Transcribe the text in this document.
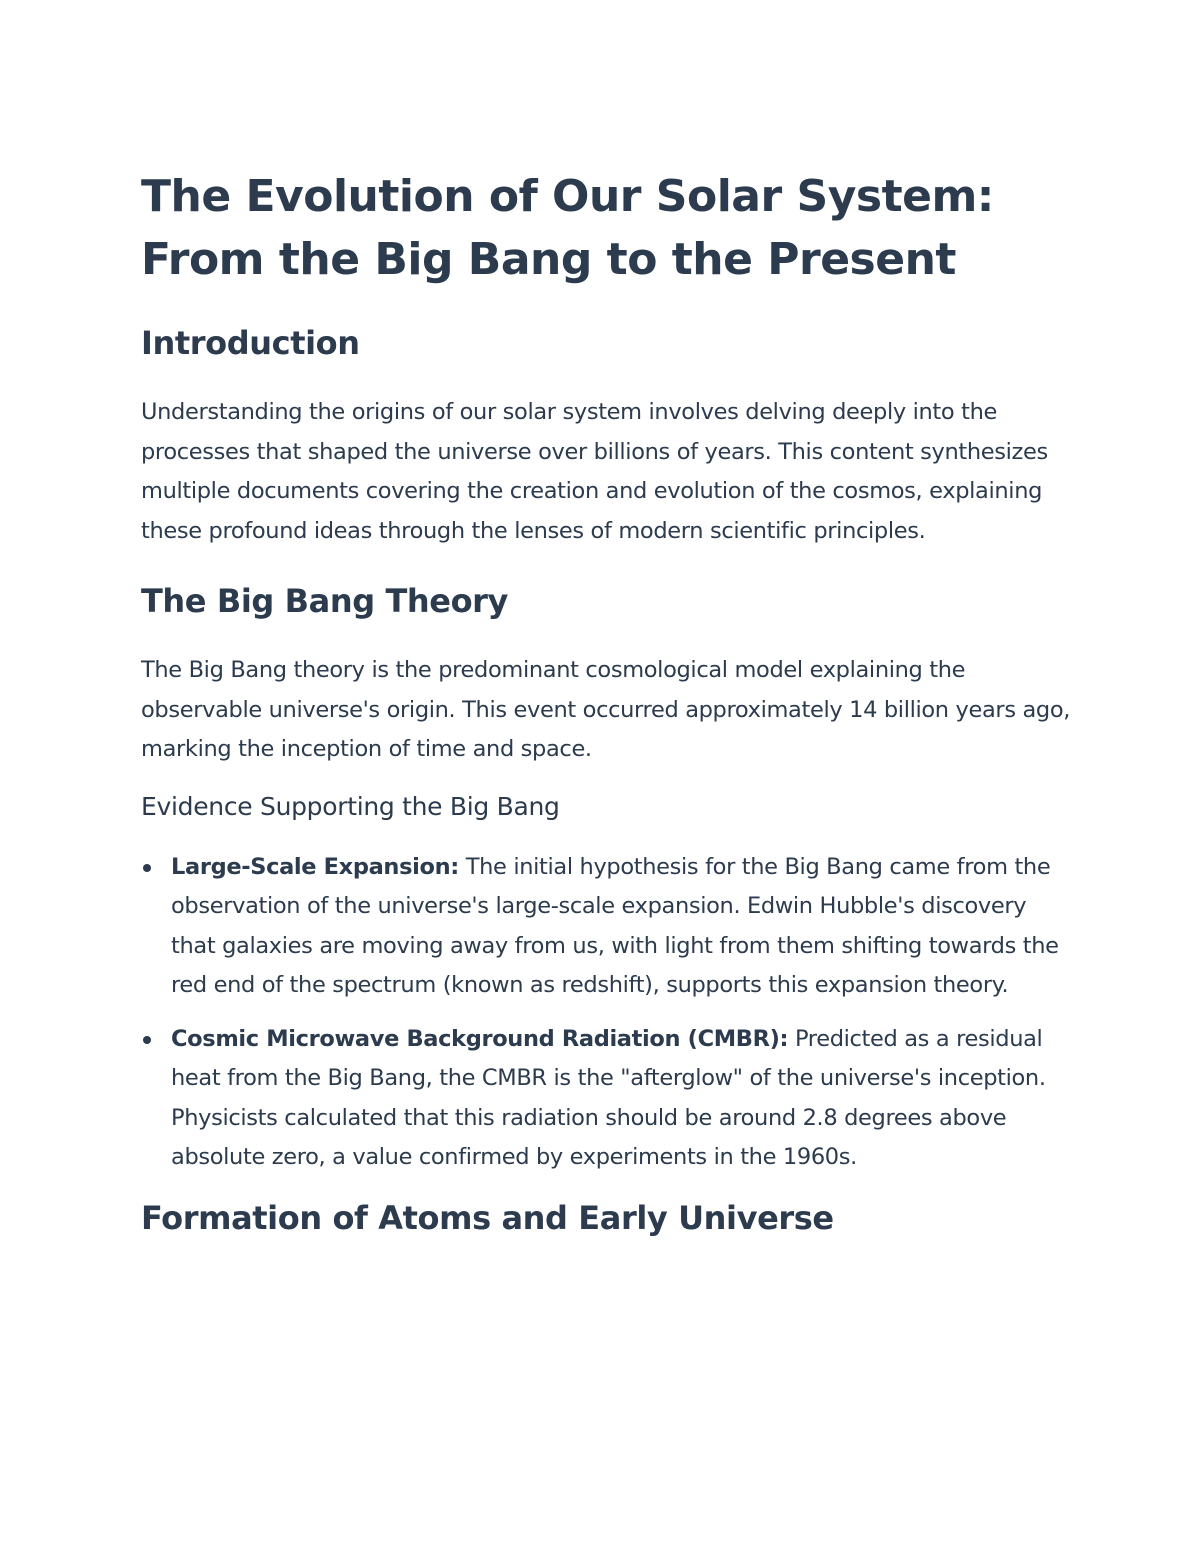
The Evolution of Our Solar System: From the Big Bang to the Present
Introduction

Understanding the origins of our solar system involves delving deeply into the processes that shaped the universe over billions of years. This content synthesizes multiple documents covering the creation and evolution of the cosmos, explaining these profound ideas through the lenses of modern scientific principles.

The Big Bang Theory

The Big Bang theory is the predominant cosmological model explaining the observable universe's origin. This event occurred approximately 14 billion years ago, marking the inception of time and space.

Evidence Supporting the Big Bang
Large-Scale Expansion: The initial hypothesis for the Big Bang came from the observation of the universe's large-scale expansion. Edwin Hubble's discovery that galaxies are moving away from us, with light from them shifting towards the red end of the spectrum (known as redshift), supports this expansion theory.
Cosmic Microwave Background Radiation (CMBR): Predicted as a residual heat from the Big Bang, the CMBR is the "afterglow" of the universe's inception. Physicists calculated that this radiation should be around 2.8 degrees above absolute zero, a value confirmed by experiments in the 1960s.
Formation of Atoms and Early Universe
